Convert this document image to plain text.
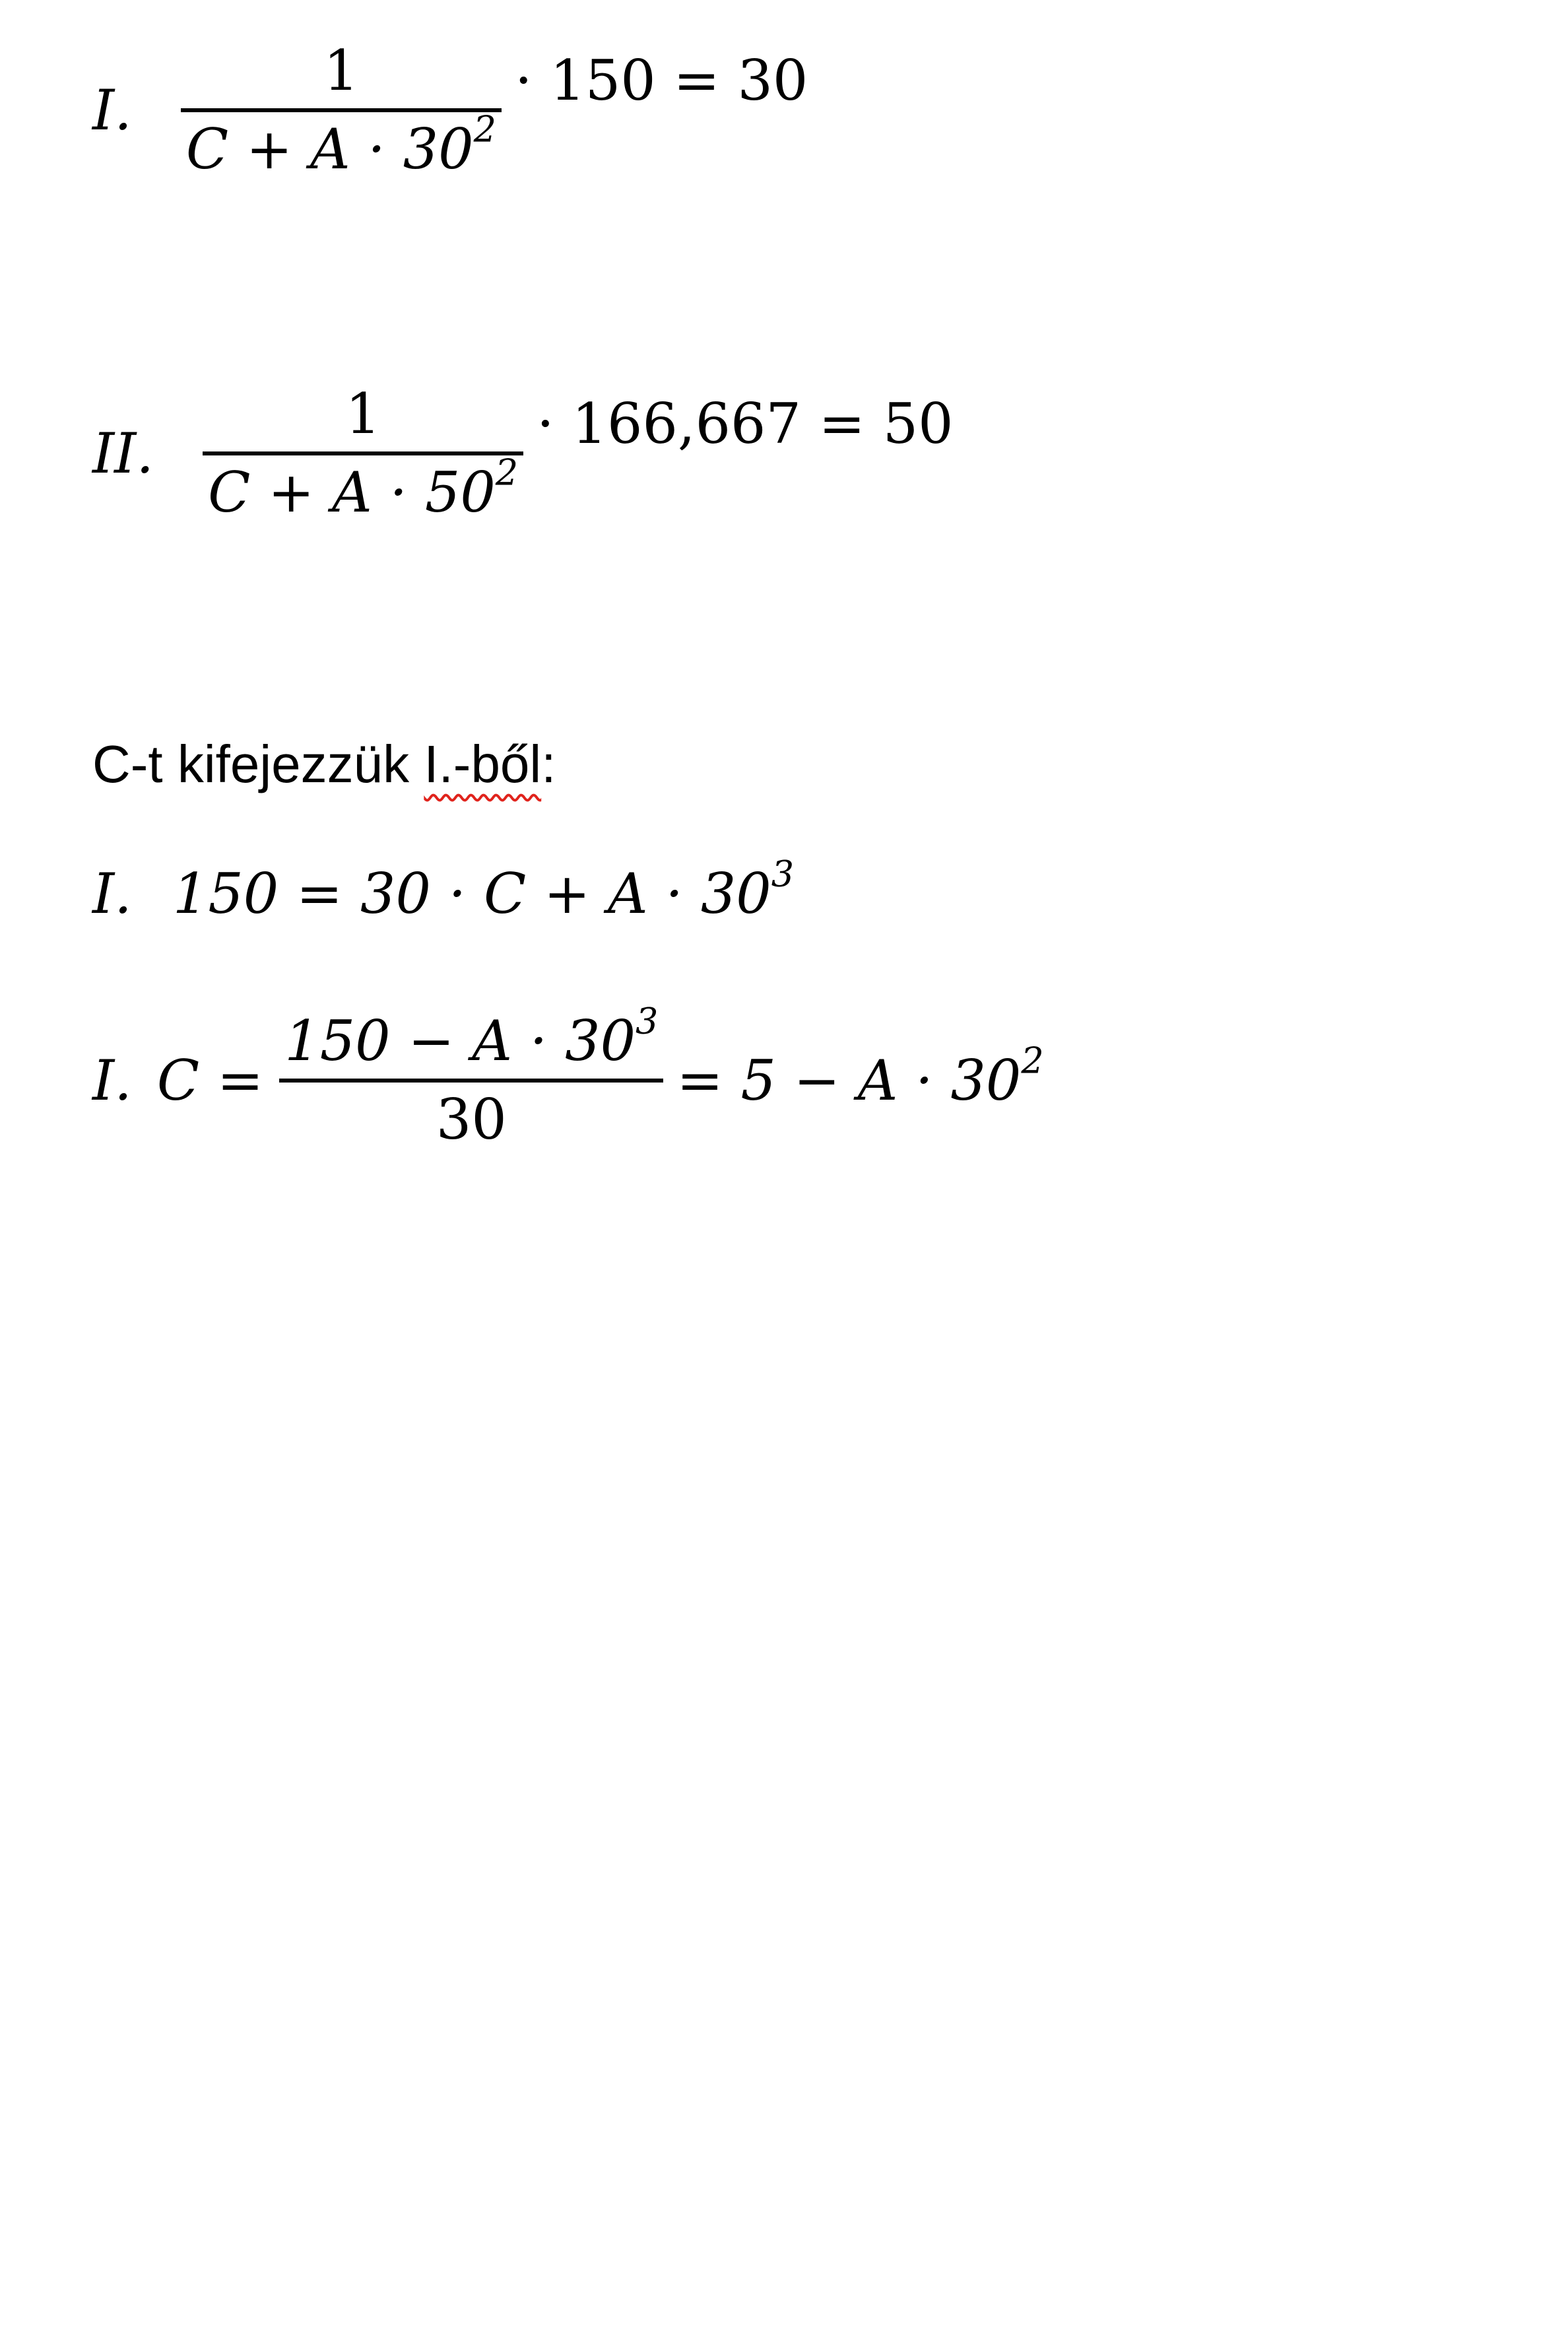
I.
1
$C + A \cdot 30^2$
· 150 = 30
II.
1
$C + A \cdot 50^2$
· 166,667 = 50
C-t kifejezzük I.-ből:
I. $150 = 30 \cdot C + A \cdot 30^3$
I. C =
$150 - A \cdot 30^3$
30
= $5 - A \cdot 30^2$
